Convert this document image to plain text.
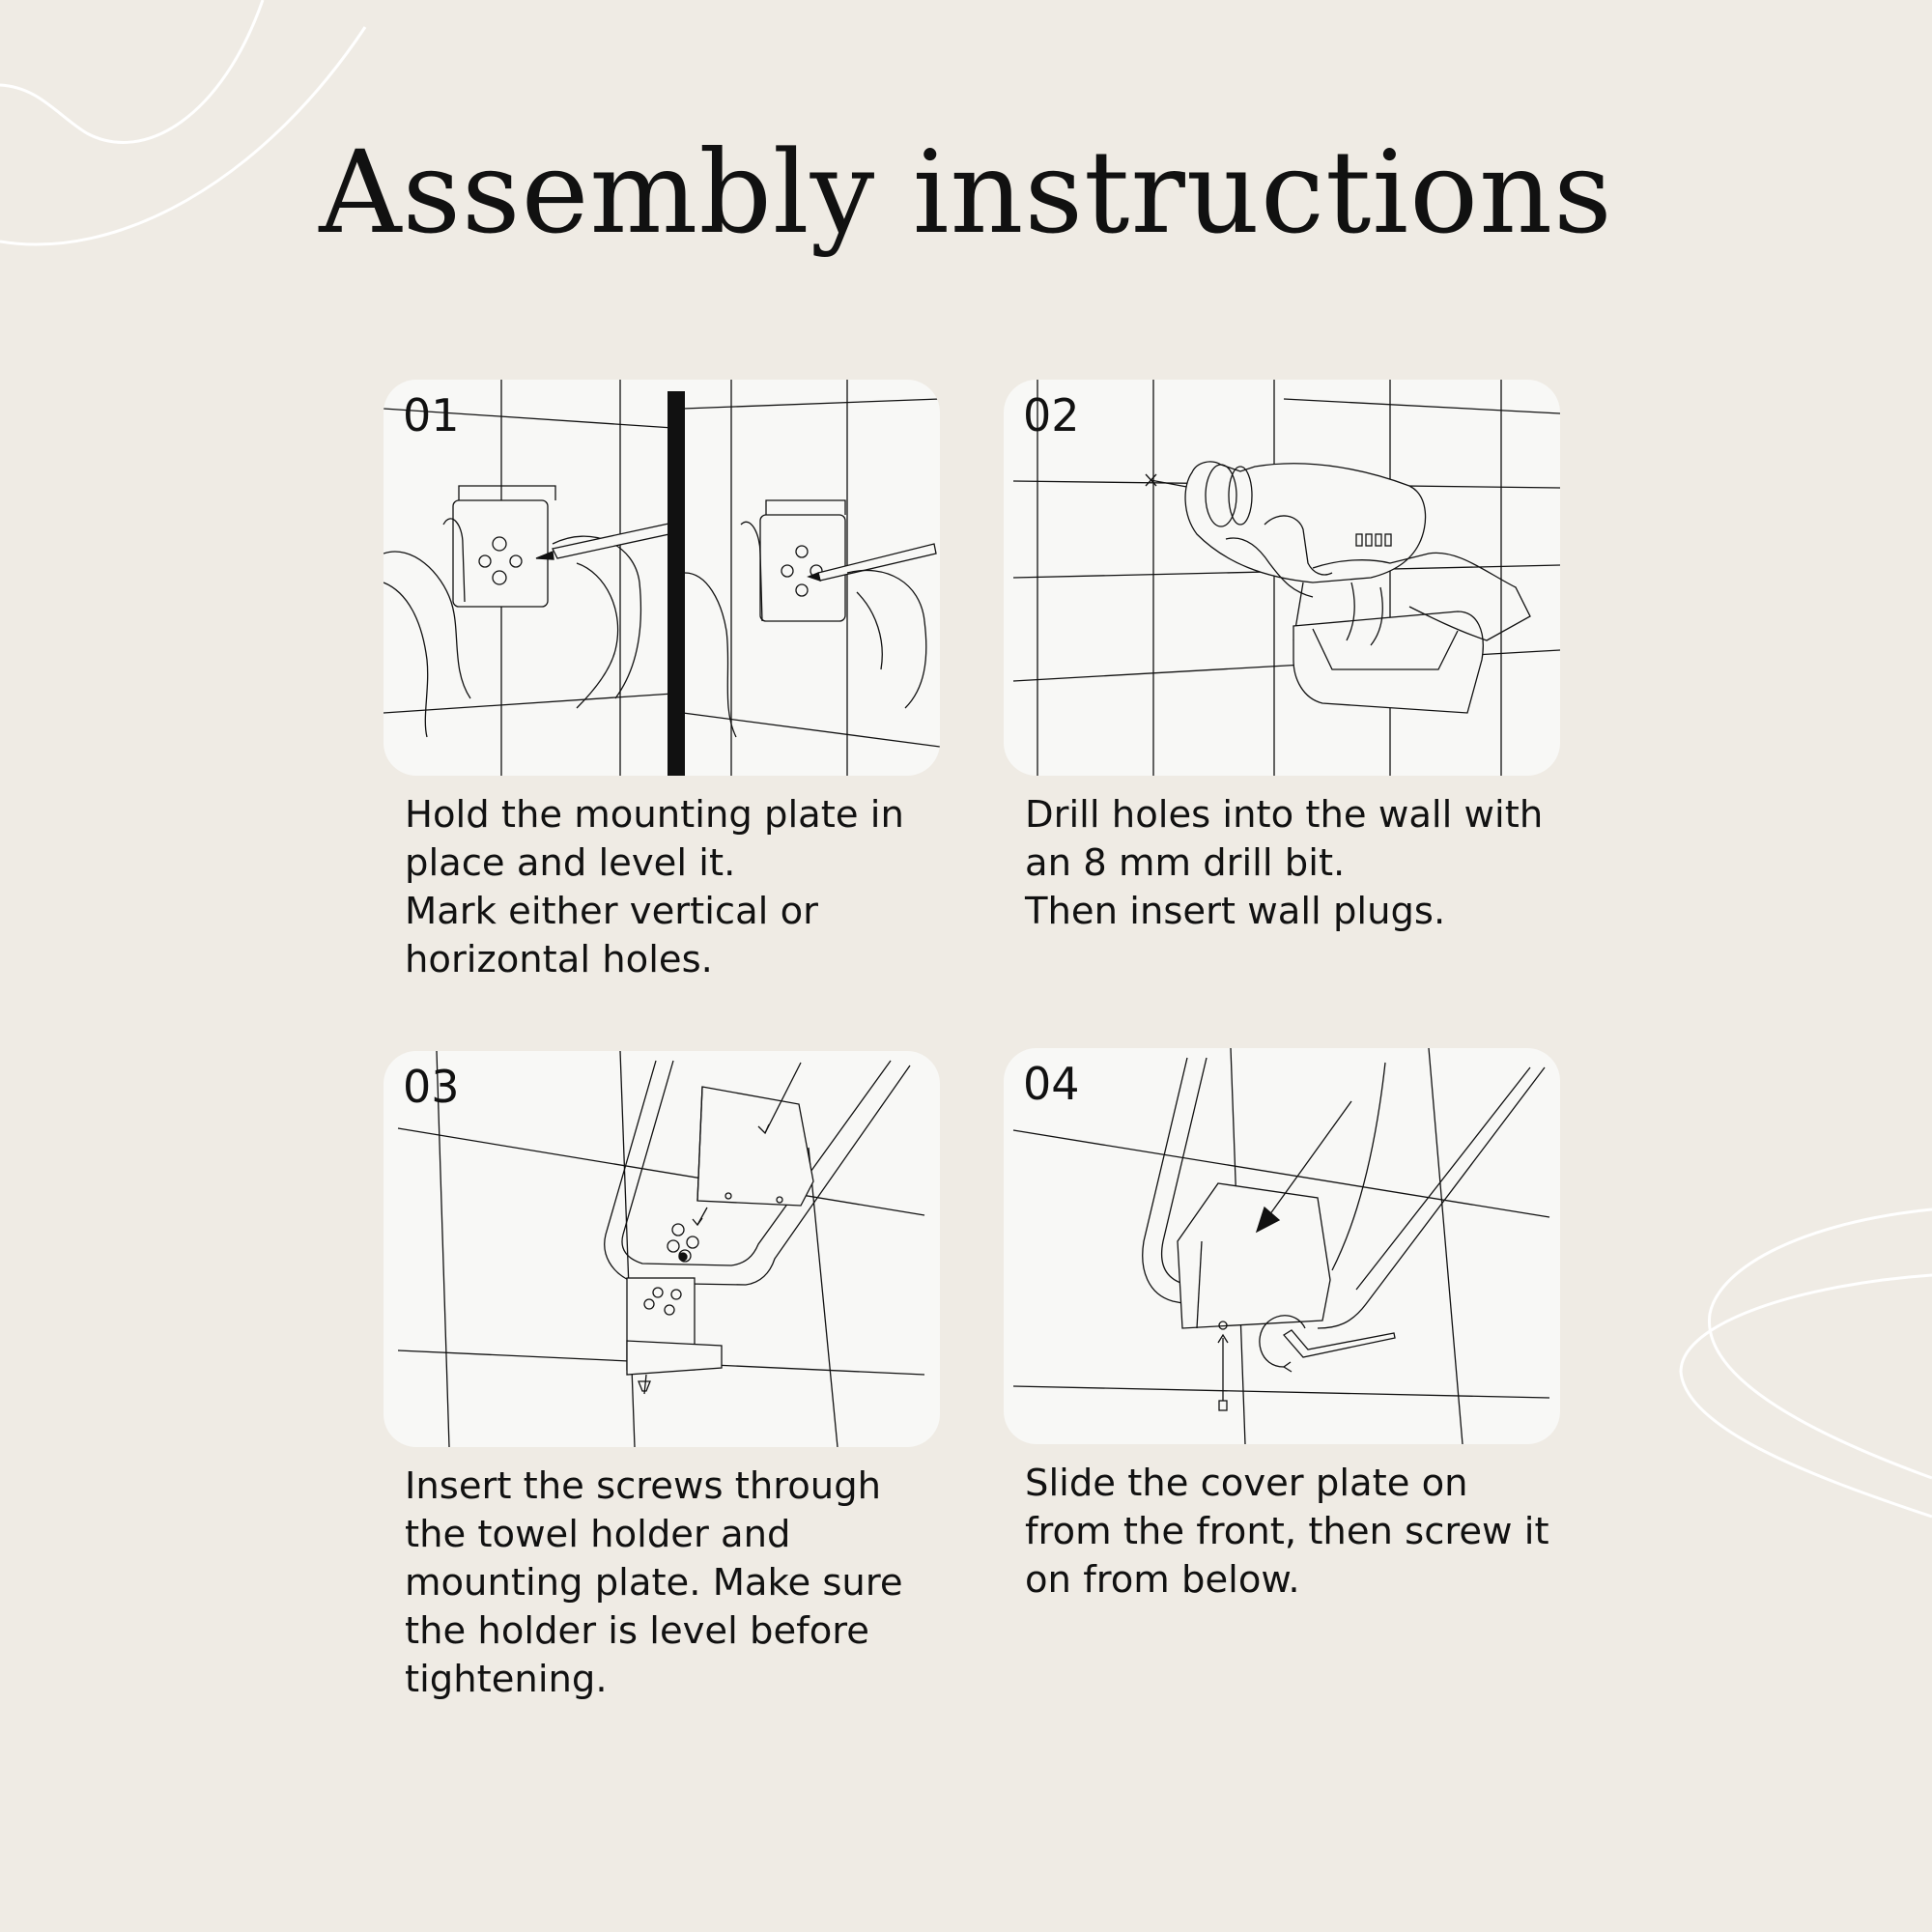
Assembly instructions
01
Hold the mounting plate in
place and level it.
Mark either vertical or
horizontal holes.
02
Drill holes into the wall with
an 8 mm drill bit.
Then insert wall plugs.
03
Insert the screws through
the towel holder and
mounting plate. Make sure
the holder is level before
tightening.
04
Slide the cover plate on
from the front, then screw it
on from below.
